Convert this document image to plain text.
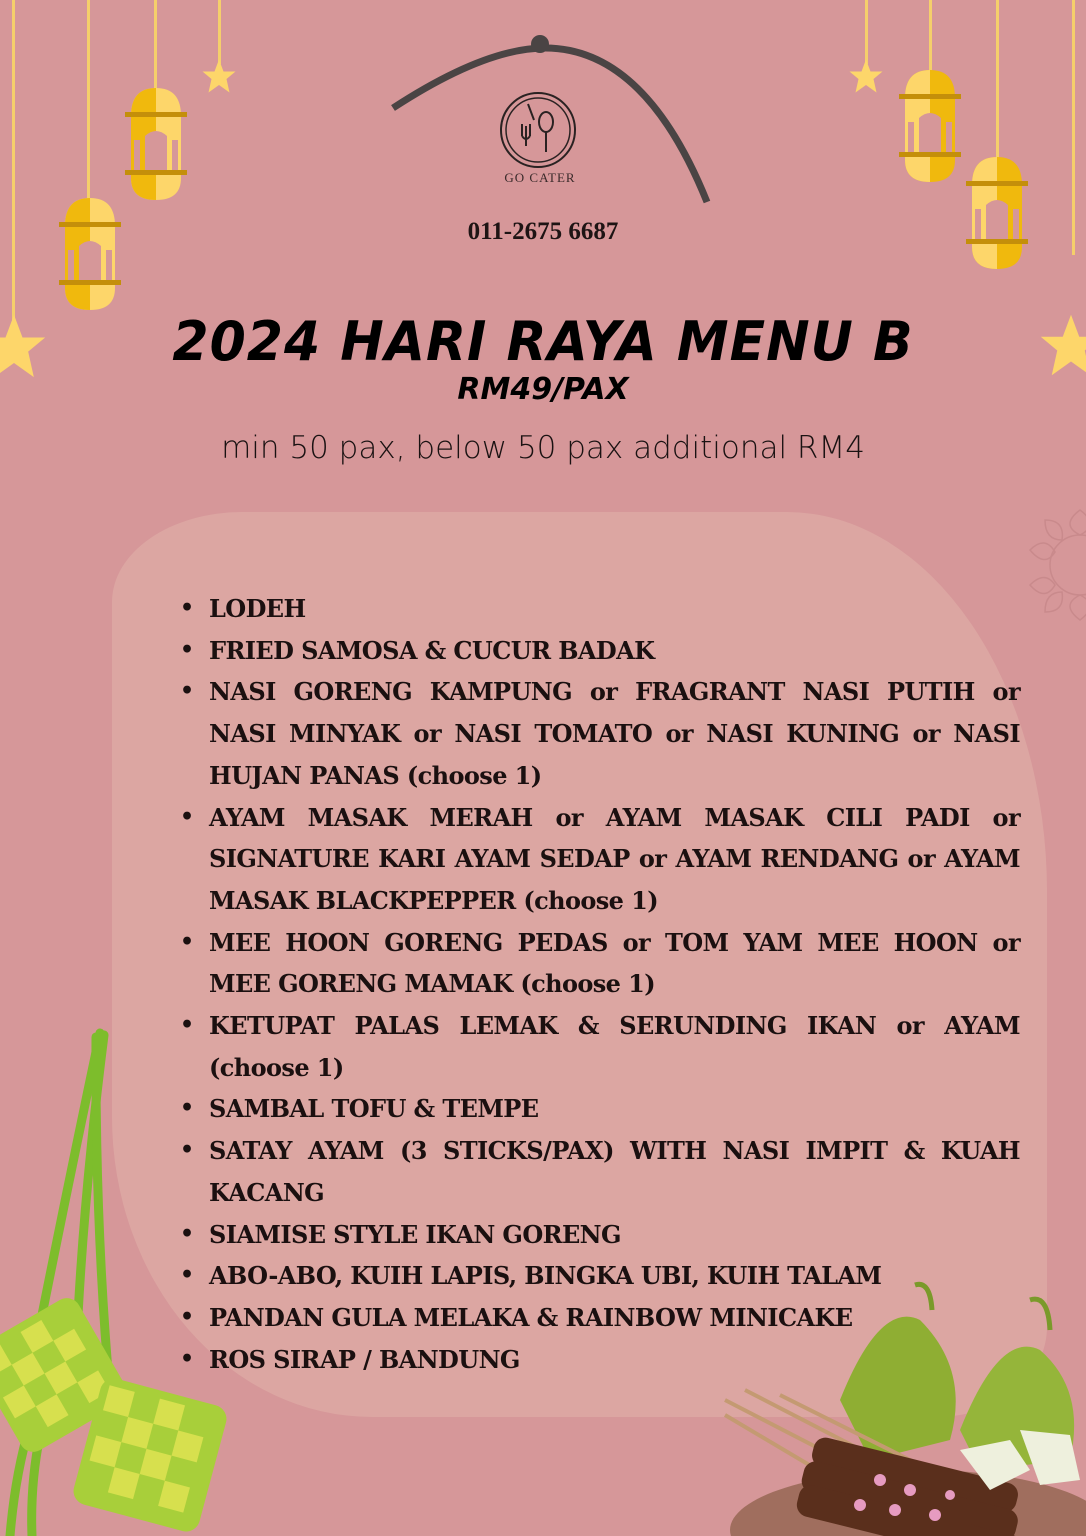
GO CATER
011-2675 6687
2024 HARI RAYA MENU B
RM49/PAX
min 50 pax, below 50 pax additional RM4
• LODEH
• FRIED SAMOSA & CUCUR BADAK
• NASI GORENG KAMPUNG or FRAGRANT NASI PUTIH or NASI MINYAK or NASI TOMATO or NASI KUNING or NASI HUJAN PANAS (choose 1)
• AYAM MASAK MERAH or AYAM MASAK CILI PADI or SIGNATURE KARI AYAM SEDAP or AYAM RENDANG or AYAM MASAK BLACKPEPPER (choose 1)
• MEE HOON GORENG PEDAS or TOM YAM MEE HOON or MEE GORENG MAMAK (choose 1)
• KETUPAT PALAS LEMAK & SERUNDING IKAN or AYAM (choose 1)
• SAMBAL TOFU & TEMPE
• SATAY AYAM (3 STICKS/PAX) WITH NASI IMPIT & KUAH KACANG
• SIAMISE STYLE IKAN GORENG
• ABO-ABO, KUIH LAPIS, BINGKA UBI, KUIH TALAM
• PANDAN GULA MELAKA & RAINBOW MINICAKE
• ROS SIRAP / BANDUNG
